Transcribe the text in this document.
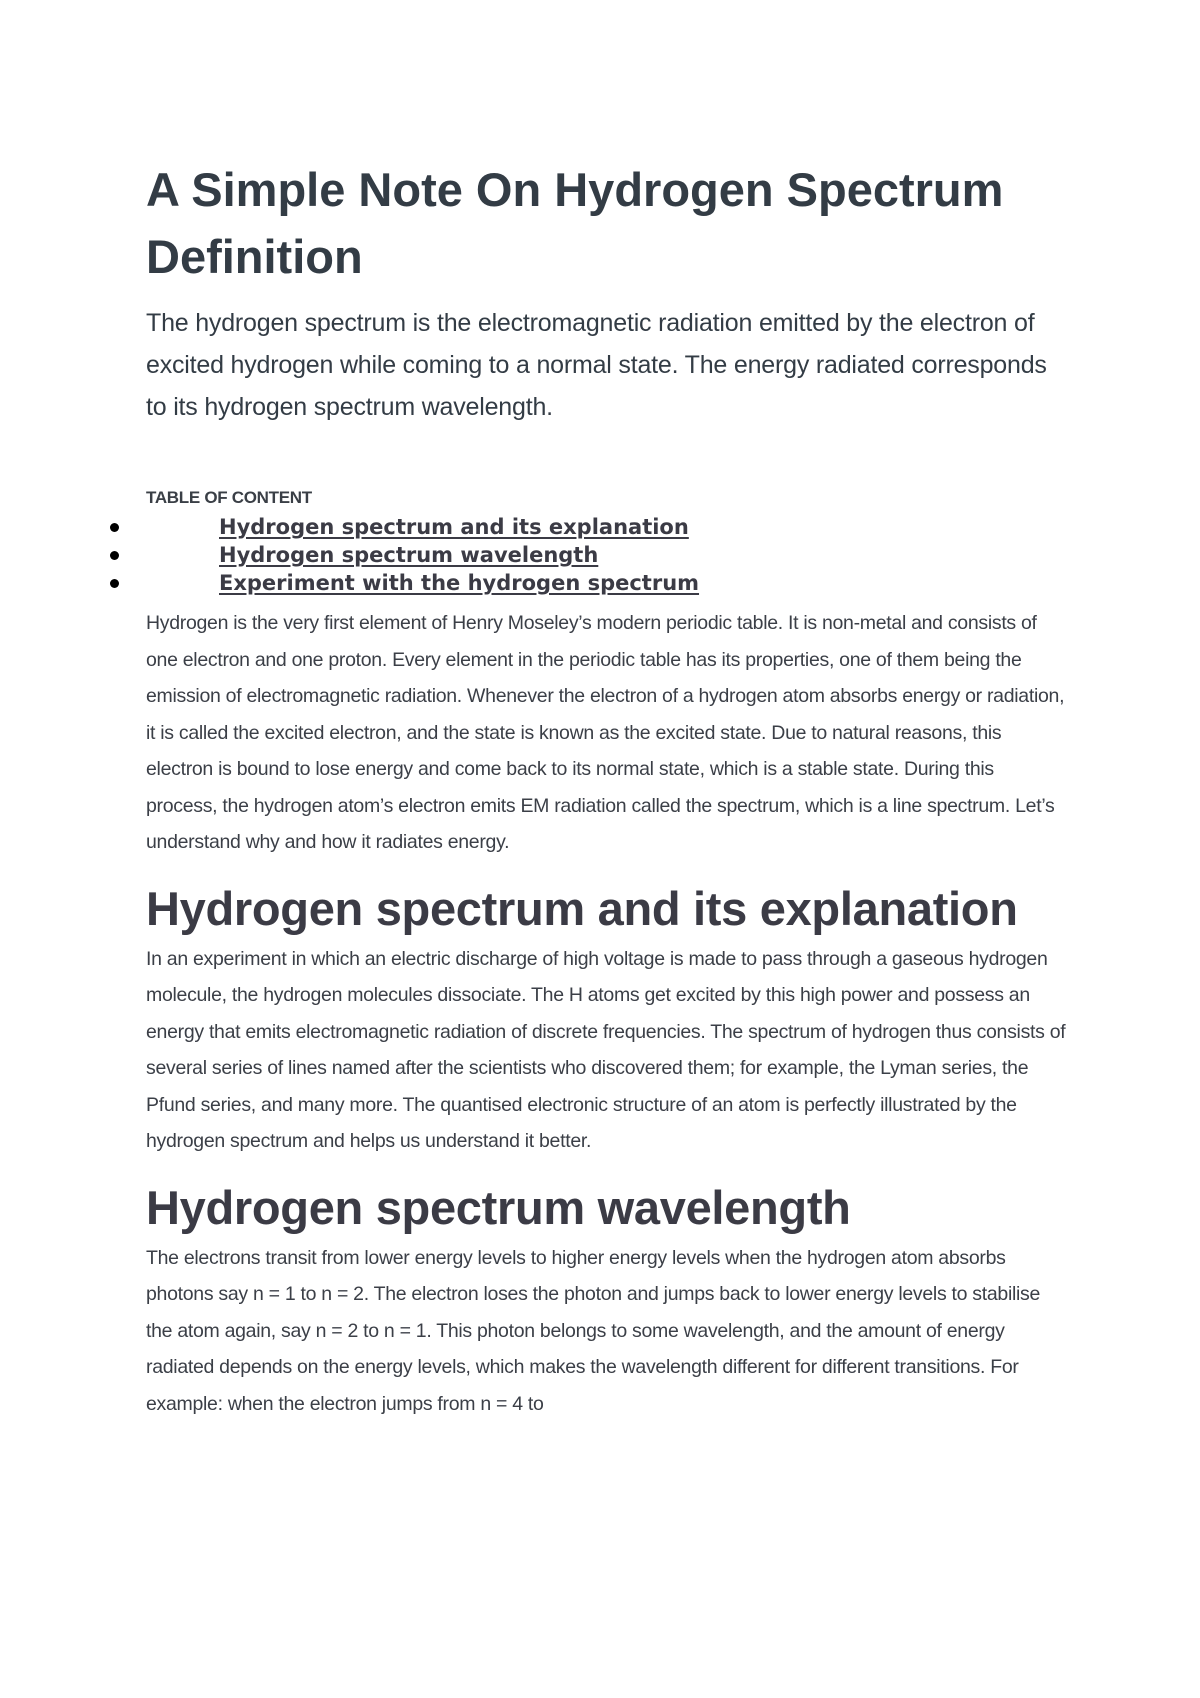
A Simple Note On Hydrogen Spectrum Definition

The hydrogen spectrum is the electromagnetic radiation emitted by the electron of excited hydrogen while coming to a normal state. The energy radiated corresponds to its hydrogen spectrum wavelength.

TABLE OF CONTENT
Hydrogen spectrum and its explanation
Hydrogen spectrum wavelength
Experiment with the hydrogen spectrum

Hydrogen is the very first element of Henry Moseley’s modern periodic table. It is non-metal and consists of one electron and one proton. Every element in the periodic table has its properties, one of them being the emission of electromagnetic radiation. Whenever the electron of a hydrogen atom absorbs energy or radiation, it is called the excited electron, and the state is known as the excited state. Due to natural reasons, this electron is bound to lose energy and come back to its normal state, which is a stable state. During this process, the hydrogen atom’s electron emits EM radiation called the spectrum, which is a line spectrum. Let’s understand why and how it radiates energy.

Hydrogen spectrum and its explanation

In an experiment in which an electric discharge of high voltage is made to pass through a gaseous hydrogen molecule, the hydrogen molecules dissociate. The H atoms get excited by this high power and possess an energy that emits electromagnetic radiation of discrete frequencies. The spectrum of hydrogen thus consists of several series of lines named after the scientists who discovered them; for example, the Lyman series, the Pfund series, and many more. The quantised electronic structure of an atom is perfectly illustrated by the hydrogen spectrum and helps us understand it better.

Hydrogen spectrum wavelength

The electrons transit from lower energy levels to higher energy levels when the hydrogen atom absorbs photons say n = 1 to n = 2. The electron loses the photon and jumps back to lower energy levels to stabilise the atom again, say n = 2 to n = 1. This photon belongs to some wavelength, and the amount of energy radiated depends on the energy levels, which makes the wavelength different for different transitions. For example: when the electron jumps from n = 4 to
